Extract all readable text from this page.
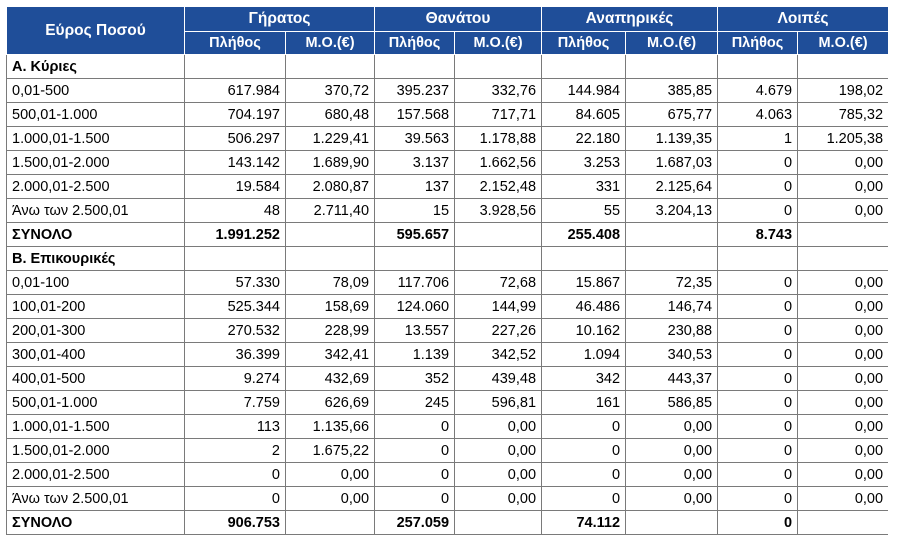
Εύρος Ποσού	Γήρατος		Θανάτου		Αναπηρικές		Λοιπές	
	Πλήθος	Μ.Ο.(€)	Πλήθος	Μ.Ο.(€)	Πλήθος	Μ.Ο.(€)	Πλήθος	Μ.Ο.(€)
Α. Κύριες								
0,01-500	617.984	370,72	395.237	332,76	144.984	385,85	4.679	198,02
500,01-1.000	704.197	680,48	157.568	717,71	84.605	675,77	4.063	785,32
1.000,01-1.500	506.297	1.229,41	39.563	1.178,88	22.180	1.139,35	1	1.205,38
1.500,01-2.000	143.142	1.689,90	3.137	1.662,56	3.253	1.687,03	0	0,00
2.000,01-2.500	19.584	2.080,87	137	2.152,48	331	2.125,64	0	0,00
Άνω των 2.500,01	48	2.711,40	15	3.928,56	55	3.204,13	0	0,00
ΣΥΝΟΛΟ	1.991.252		595.657		255.408		8.743	
Β. Επικουρικές								
0,01-100	57.330	78,09	117.706	72,68	15.867	72,35	0	0,00
100,01-200	525.344	158,69	124.060	144,99	46.486	146,74	0	0,00
200,01-300	270.532	228,99	13.557	227,26	10.162	230,88	0	0,00
300,01-400	36.399	342,41	1.139	342,52	1.094	340,53	0	0,00
400,01-500	9.274	432,69	352	439,48	342	443,37	0	0,00
500,01-1.000	7.759	626,69	245	596,81	161	586,85	0	0,00
1.000,01-1.500	113	1.135,66	0	0,00	0	0,00	0	0,00
1.500,01-2.000	2	1.675,22	0	0,00	0	0,00	0	0,00
2.000,01-2.500	0	0,00	0	0,00	0	0,00	0	0,00
Άνω των 2.500,01	0	0,00	0	0,00	0	0,00	0	0,00
ΣΥΝΟΛΟ	906.753		257.059		74.112		0	
